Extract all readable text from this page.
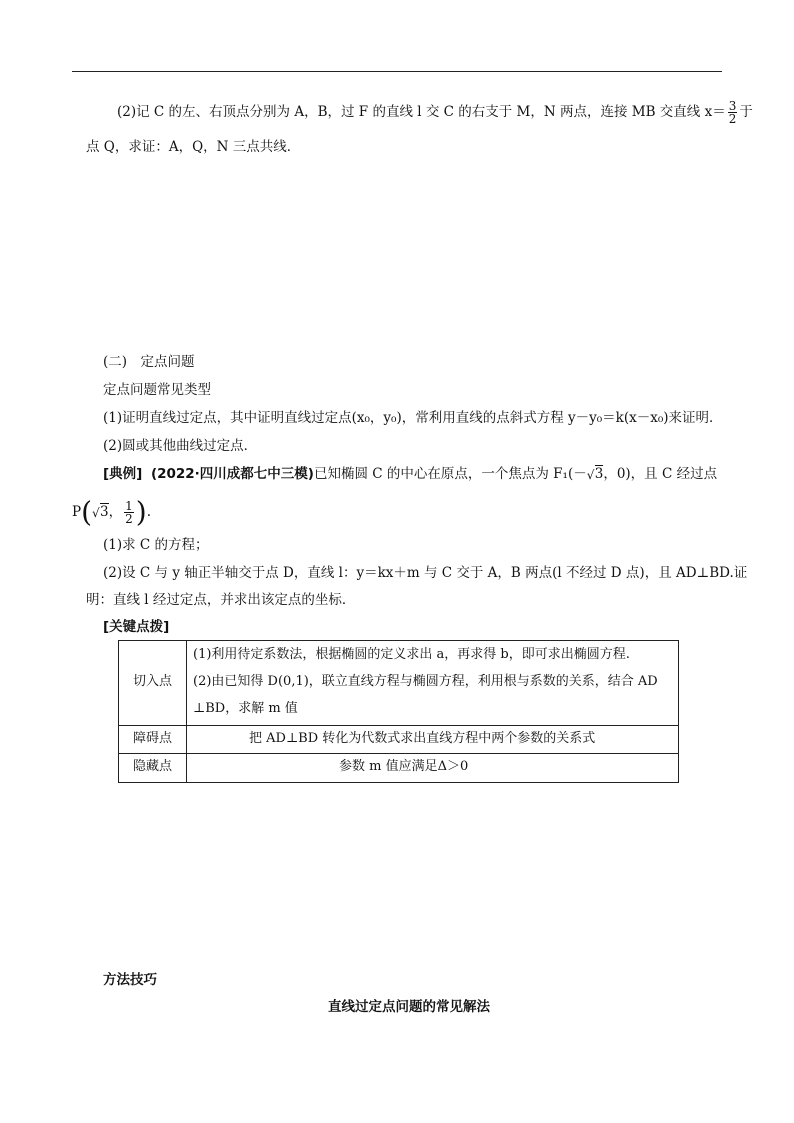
(2)记 C 的左、右顶点分别为 A，B，过 F 的直线 l 交 C 的右支于 M，N 两点，连接 MB 交直线 $x= \frac{3}{2}$ 于
点 Q，求证：A，Q，N 三点共线．
(二)　定点问题
定点问题常见类型
(1)证明直线过定点，其中证明直线过定点(x₀，y₀)，常利用直线的点斜式方程 y－y₀＝k(x－x₀)来证明．
(2)圆或其他曲线过定点．
[典例] (2022·四川成都七中三模)已知椭圆 C 的中心在原点，一个焦点为 F₁(－ √ 3，0)，且 C 经过点
P( √ 3， $\frac{1}{2}$ ).
(1)求 C 的方程；
(2)设 C 与 y 轴正半轴交于点 D，直线 l：y＝kx＋m 与 C 交于 A，B 两点(l 不经过 D 点)，且 AD⊥BD.证
明：直线 l 经过定点，并求出该定点的坐标．
[关键点拨]
切入点
(1)利用待定系数法，根据椭圆的定义求出 a，再求得 b，即可求出椭圆方程.
(2)由已知得 D(0,1)，联立直线方程与椭圆方程，利用根与系数的关系，结合 AD
⊥BD，求解 m 值
障碍点	把 AD⊥BD 转化为代数式求出直线方程中两个参数的关系式
隐藏点	参数 m 值应满足Δ＞0
方法技巧
直线过定点问题的常见解法
